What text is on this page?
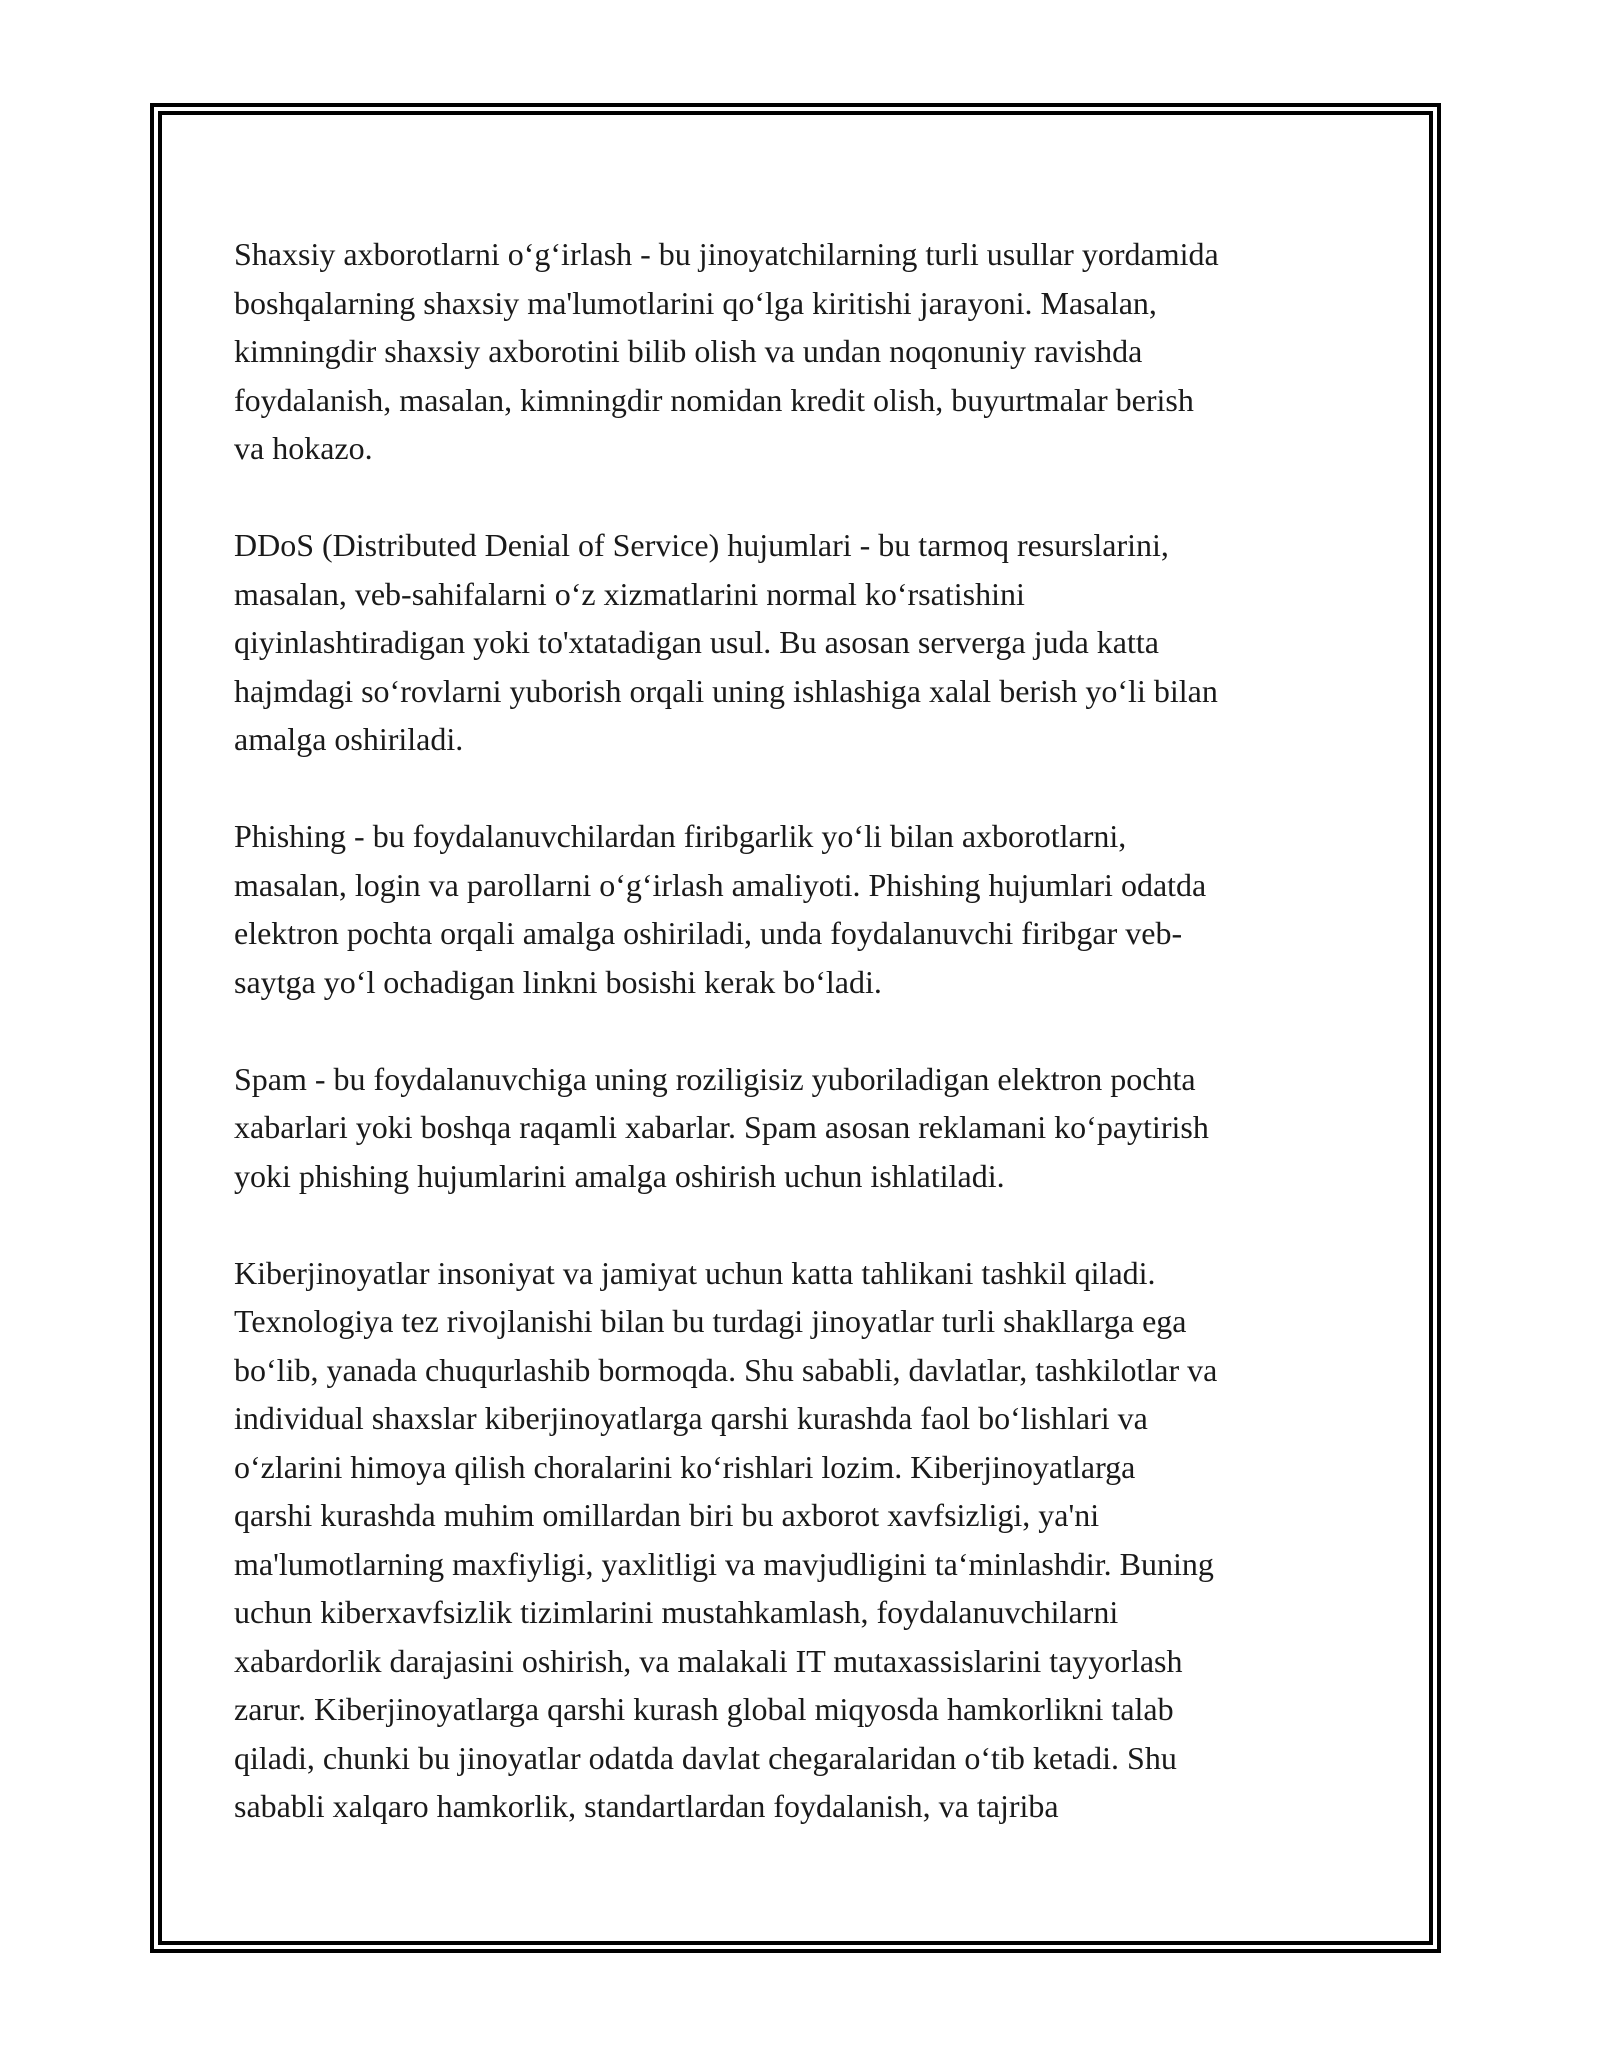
Shaxsiy axborotlarni o‘g‘irlash - bu jinoyatchilarning turli usullar yordamida
boshqalarning shaxsiy ma'lumotlarini qo‘lga kiritishi jarayoni. Masalan,
kimningdir shaxsiy axborotini bilib olish va undan noqonuniy ravishda
foydalanish, masalan, kimningdir nomidan kredit olish, buyurtmalar berish
va hokazo.

DDoS (Distributed Denial of Service) hujumlari - bu tarmoq resurslarini,
masalan, veb-sahifalarni o‘z xizmatlarini normal ko‘rsatishini
qiyinlashtiradigan yoki to'xtatadigan usul. Bu asosan serverga juda katta
hajmdagi so‘rovlarni yuborish orqali uning ishlashiga xalal berish yo‘li bilan
amalga oshiriladi.

Phishing - bu foydalanuvchilardan firibgarlik yo‘li bilan axborotlarni,
masalan, login va parollarni o‘g‘irlash amaliyoti. Phishing hujumlari odatda
elektron pochta orqali amalga oshiriladi, unda foydalanuvchi firibgar veb-
saytga yo‘l ochadigan linkni bosishi kerak bo‘ladi.

Spam - bu foydalanuvchiga uning roziligisiz yuboriladigan elektron pochta
xabarlari yoki boshqa raqamli xabarlar. Spam asosan reklamani ko‘paytirish
yoki phishing hujumlarini amalga oshirish uchun ishlatiladi.

Kiberjinoyatlar insoniyat va jamiyat uchun katta tahlikani tashkil qiladi.
Texnologiya tez rivojlanishi bilan bu turdagi jinoyatlar turli shakllarga ega
bo‘lib, yanada chuqurlashib bormoqda. Shu sababli, davlatlar, tashkilotlar va
individual shaxslar kiberjinoyatlarga qarshi kurashda faol bo‘lishlari va
o‘zlarini himoya qilish choralarini ko‘rishlari lozim. Kiberjinoyatlarga
qarshi kurashda muhim omillardan biri bu axborot xavfsizligi, ya'ni
ma'lumotlarning maxfiyligi, yaxlitligi va mavjudligini ta‘minlashdir. Buning
uchun kiberxavfsizlik tizimlarini mustahkamlash, foydalanuvchilarni
xabardorlik darajasini oshirish, va malakali IT mutaxassislarini tayyorlash
zarur. Kiberjinoyatlarga qarshi kurash global miqyosda hamkorlikni talab
qiladi, chunki bu jinoyatlar odatda davlat chegaralaridan o‘tib ketadi. Shu
sababli xalqaro hamkorlik, standartlardan foydalanish, va tajriba
